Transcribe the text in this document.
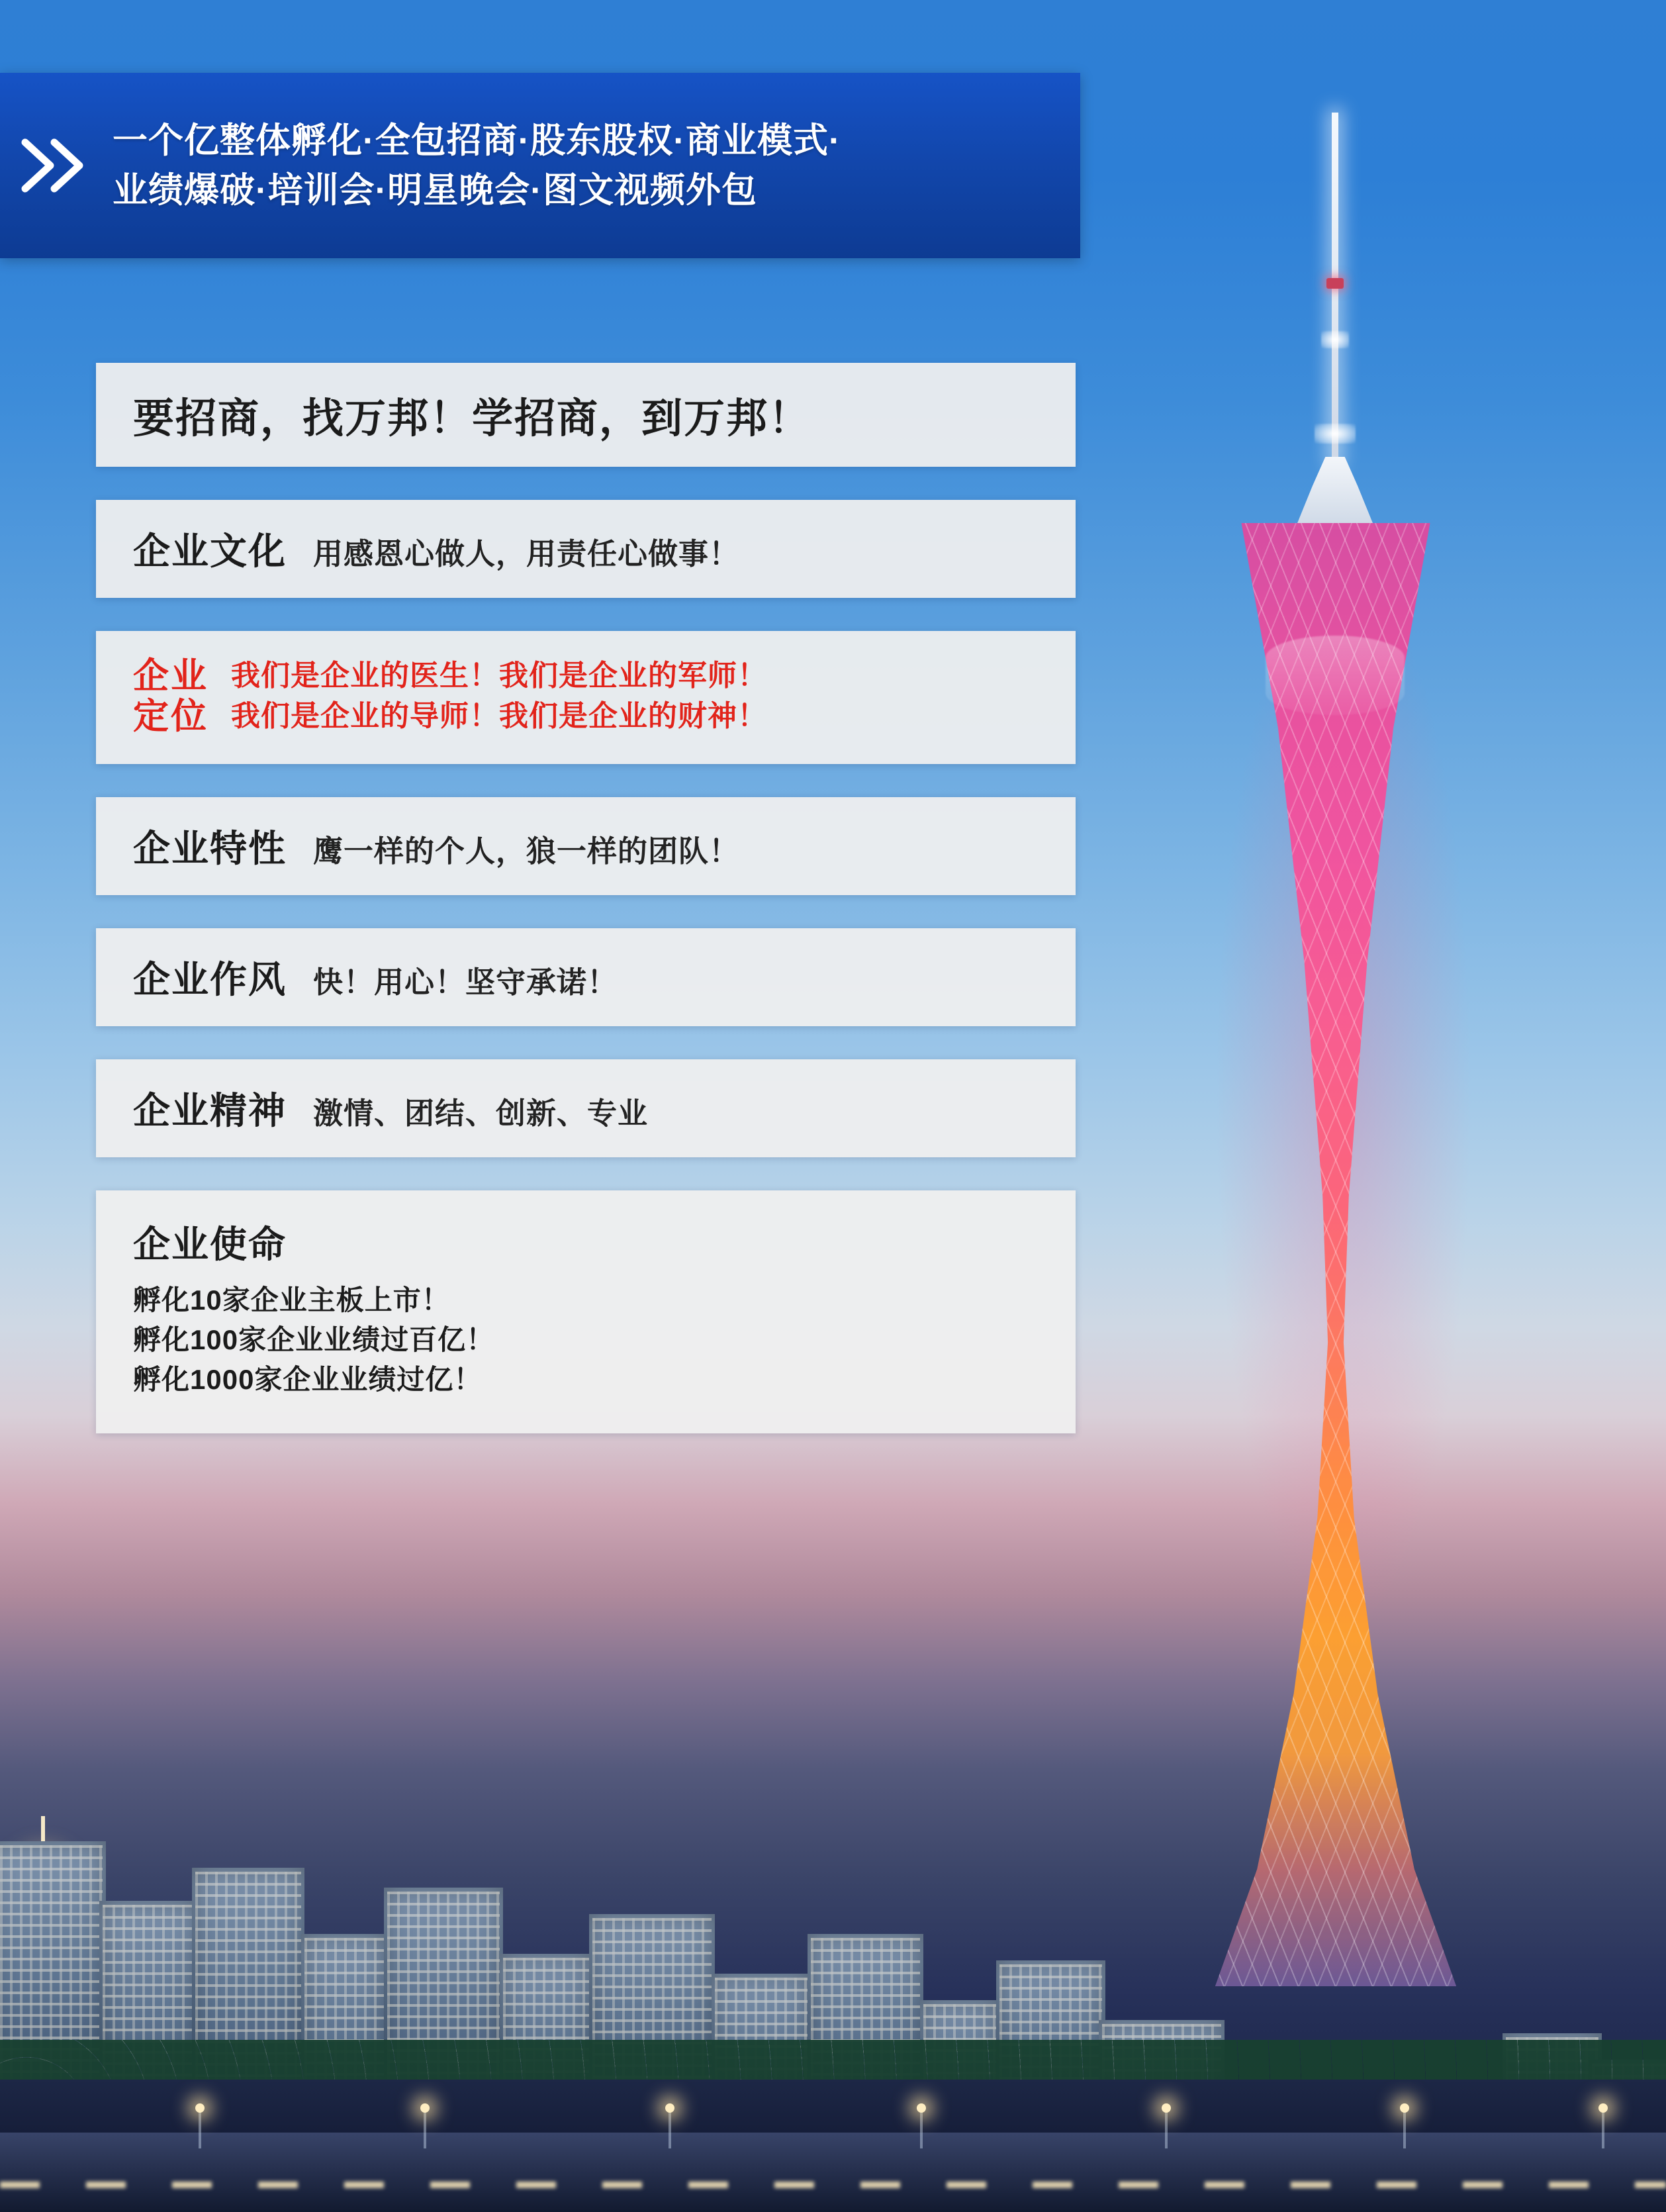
一个亿整体孵化·全包招商·股东股权·商业模式·
业绩爆破·培训会·明星晚会·图文视频外包
要招商，找万邦！学招商，到万邦！
企业文化 用感恩心做人，用责任心做事！
企业
定位
我们是企业的医生！我们是企业的军师！
我们是企业的导师！我们是企业的财神！
企业特性 鹰一样的个人，狼一样的团队！
企业作风 快！用心！坚守承诺！
企业精神 激情、团结、创新、专业
企业使命
孵化10家企业主板上市！
孵化100家企业业绩过百亿！
孵化1000家企业业绩过亿！
